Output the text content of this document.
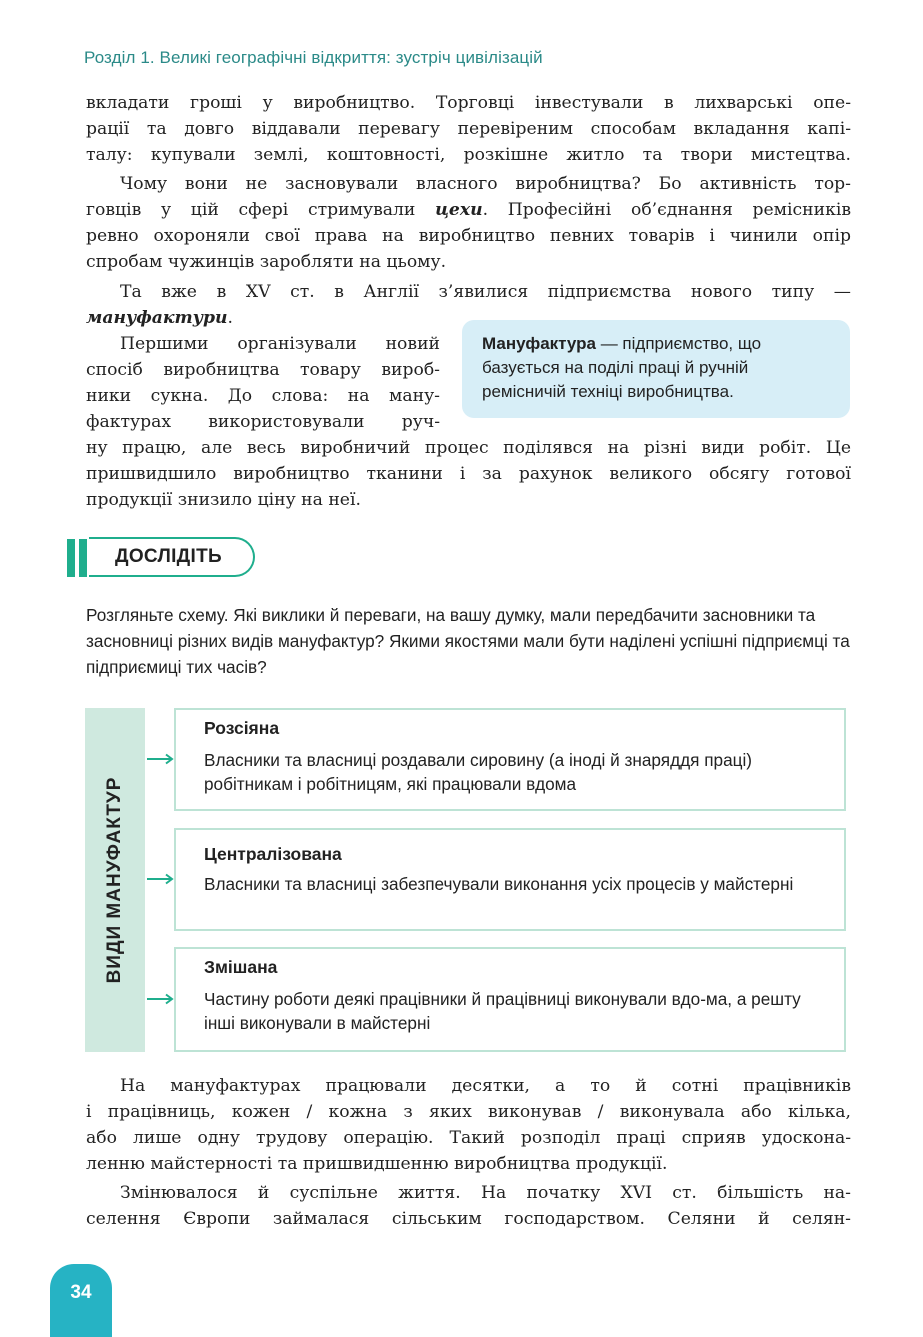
Розділ 1. Великі географічні відкриття: зустріч цивілізацій
вкладати гроші у виробництво. Торговці інвестували в лихварські опе-
рації та довго віддавали перевагу перевіреним способам вкладання капі-
талу: купували землі, коштовності, розкішне житло та твори мистецтва.
Чому вони не засновували власного виробництва? Бо активність тор-
говців у цій сфері стримували цехи. Професійні об’єднання ремісників
ревно охороняли свої права на виробництво певних товарів і чинили опір
спробам чужинців заробляти на цьому.
Та вже в XV ст. в Англії з’явилися підприємства нового типу —
мануфактури.
Першими організували новий
спосіб виробництва товару вироб-
ники сукна. До слова: на ману-
фактурах використовували руч-
Мануфактура — підприємство, що базується на поділі праці й ручній ремісничій техніці виробництва.
ну працю, але весь виробничий процес поділявся на різні види робіт. Це
пришвидшило виробництво тканини і за рахунок великого обсягу готової
продукції знизило ціну на неї.
ДОСЛІДІТЬ
Розгляньте схему. Які виклики й переваги, на вашу думку, мали передбачити засновники та засновниці різних видів мануфактур? Якими якостями мали бути наділені успішні підприємці та підприємиці тих часів?
ВИДИ МАНУФАКТУР
Розсіяна
Власники та власниці роздавали сировину (а іноді й знаряддя праці) робітникам і робітницям, які працювали вдома
Централізована
Власники та власниці забезпечували виконання усіх процесів у майстерні
Змішана
Частину роботи деякі працівники й працівниці виконували вдо-ма, а решту інші виконували в майстерні
На мануфактурах працювали десятки, а то й сотні працівників
і працівниць, кожен / кожна з яких виконував / виконувала або кілька,
або лише одну трудову операцію. Такий розподіл праці сприяв удоскона-
ленню майстерності та пришвидшенню виробництва продукції.
Змінювалося й суспільне життя. На початку XVI ст. більшість на-
селення Європи займалася сільським господарством. Селяни й селян-
34
